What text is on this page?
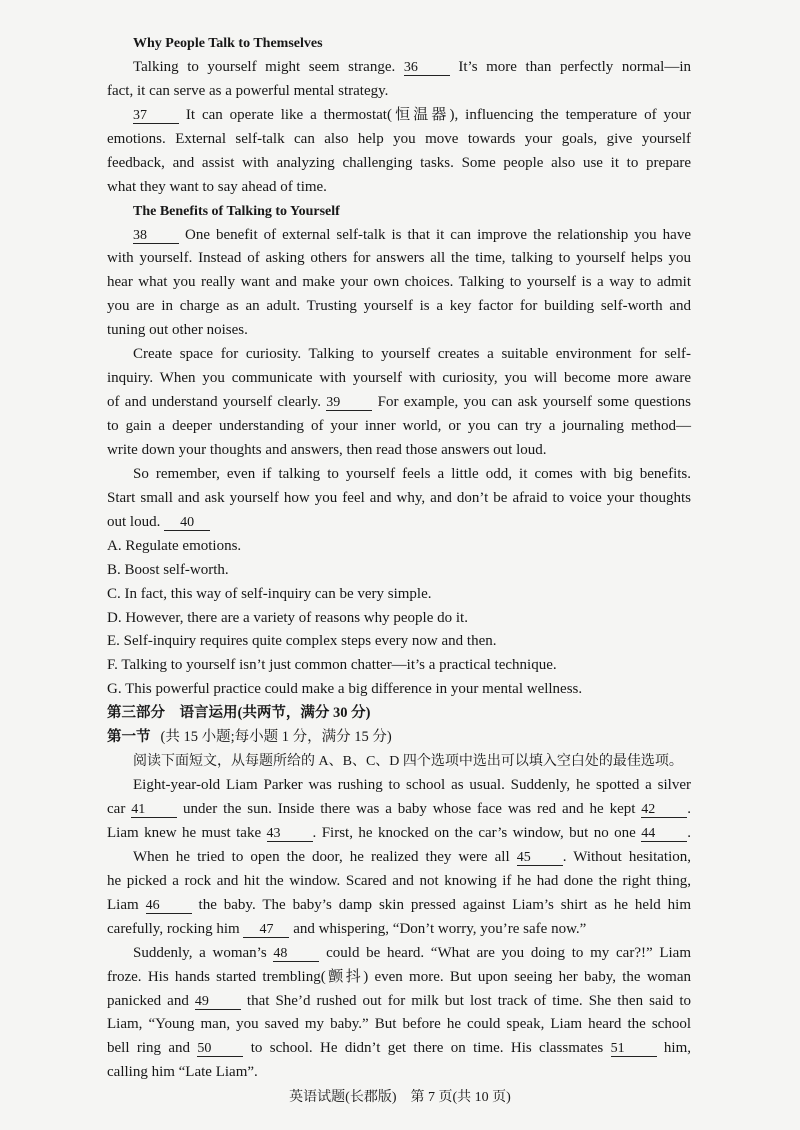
Why People Talk to Themselves
Talking to yourself might seem strange. 36 It’s more than perfectly normal—in
fact, it can serve as a powerful mental strategy.
37 It can operate like a thermostat(恒温器), influencing the temperature of your
emotions. External self-talk can also help you move towards your goals, give yourself
feedback, and assist with analyzing challenging tasks. Some people also use it to prepare
what they want to say ahead of time.
The Benefits of Talking to Yourself
38 One benefit of external self-talk is that it can improve the relationship you have
with yourself. Instead of asking others for answers all the time, talking to yourself helps you
hear what you really want and make your own choices. Talking to yourself is a way to admit
you are in charge as an adult. Trusting yourself is a key factor for building self-worth and
tuning out other noises.
Create space for curiosity. Talking to yourself creates a suitable environment for self-
inquiry. When you communicate with yourself with curiosity, you will become more aware
of and understand yourself clearly. 39 For example, you can ask yourself some questions
to gain a deeper understanding of your inner world, or you can try a journaling method—
write down your thoughts and answers, then read those answers out loud.
So remember, even if talking to yourself feels a little odd, it comes with big benefits.
Start small and ask yourself how you feel and why, and don’t be afraid to voice your thoughts
out loud. 40
A. Regulate emotions.
B. Boost self-worth.
C. In fact, this way of self-inquiry can be very simple.
D. However, there are a variety of reasons why people do it.
E. Self-inquiry requires quite complex steps every now and then.
F. Talking to yourself isn’t just common chatter—it’s a practical technique.
G. This powerful practice could make a big difference in your mental wellness.
第三部分　语言运用(共两节，满分 30 分)
第一节 (共 15 小题;每小题 1 分，满分 15 分)
阅读下面短文，从每题所给的 A、B、C、D 四个选项中选出可以填入空白处的最佳选项。
Eight-year-old Liam Parker was rushing to school as usual. Suddenly, he spotted a silver
car 41 under the sun. Inside there was a baby whose face was red and he kept 42 .
Liam knew he must take 43 . First, he knocked on the car’s window, but no one 44 .
When he tried to open the door, he realized they were all 45 . Without hesitation,
he picked a rock and hit the window. Scared and not knowing if he had done the right thing,
Liam 46 the baby. The baby’s damp skin pressed against Liam’s shirt as he held him
carefully, rocking him 47 and whispering, “Don’t worry, you’re safe now.”
Suddenly, a woman’s 48 could be heard. “What are you doing to my car?!” Liam
froze. His hands started trembling(颤抖) even more. But upon seeing her baby, the woman
panicked and 49 that She’d rushed out for milk but lost track of time. She then said to
Liam, “Young man, you saved my baby.” But before he could speak, Liam heard the school
bell ring and 50 to school. He didn’t get there on time. His classmates 51 him,
calling him “Late Liam”.
英语试题(长郡版) 第 7 页(共 10 页)
